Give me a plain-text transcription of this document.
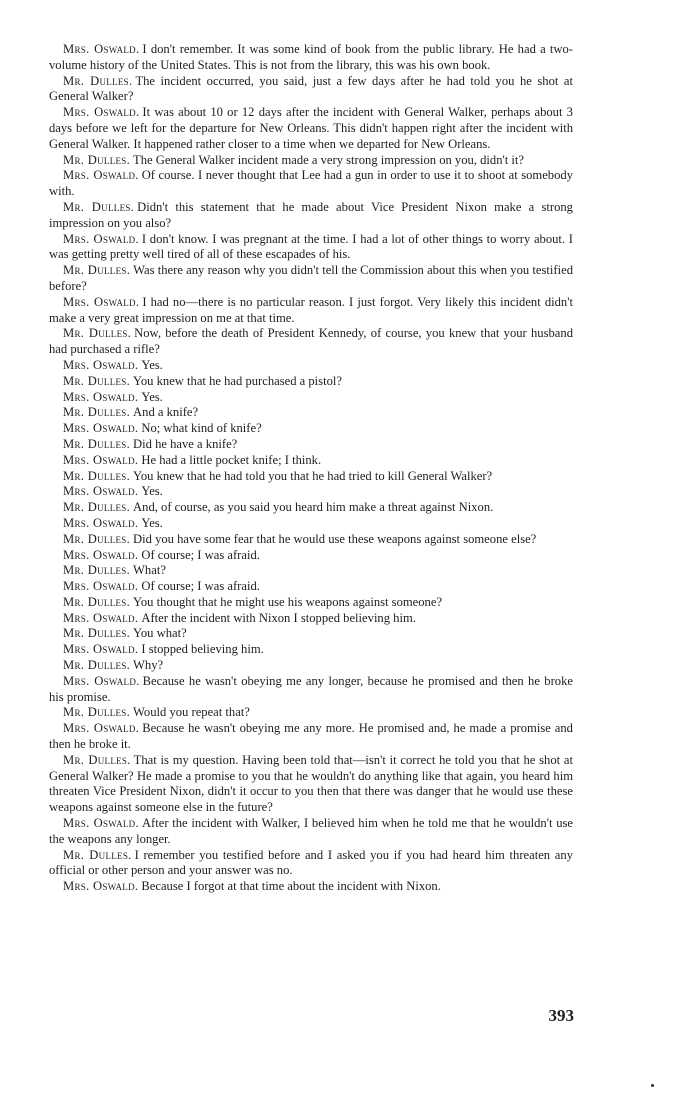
Mrs. Oswald. I don't remember. It was some kind of book from the public library. He had a two-volume history of the United States. This is not from the library, this was his own book.

Mr. Dulles. The incident occurred, you said, just a few days after he had told you he shot at General Walker?

Mrs. Oswald. It was about 10 or 12 days after the incident with General Walker, perhaps about 3 days before we left for the departure for New Orleans. This didn't happen right after the incident with General Walker. It happened rather closer to a time when we departed for New Orleans.

Mr. Dulles. The General Walker incident made a very strong impression on you, didn't it?

Mrs. Oswald. Of course. I never thought that Lee had a gun in order to use it to shoot at somebody with.

Mr. Dulles. Didn't this statement that he made about Vice President Nixon make a strong impression on you also?

Mrs. Oswald. I don't know. I was pregnant at the time. I had a lot of other things to worry about. I was getting pretty well tired of all of these escapades of his.

Mr. Dulles. Was there any reason why you didn't tell the Commission about this when you testified before?

Mrs. Oswald. I had no—there is no particular reason. I just forgot. Very likely this incident didn't make a very great impression on me at that time.

Mr. Dulles. Now, before the death of President Kennedy, of course, you knew that your husband had purchased a rifle?

Mrs. Oswald. Yes.

Mr. Dulles. You knew that he had purchased a pistol?

Mrs. Oswald. Yes.

Mr. Dulles. And a knife?

Mrs. Oswald. No; what kind of knife?

Mr. Dulles. Did he have a knife?

Mrs. Oswald. He had a little pocket knife; I think.

Mr. Dulles. You knew that he had told you that he had tried to kill General Walker?

Mrs. Oswald. Yes.

Mr. Dulles. And, of course, as you said you heard him make a threat against Nixon.

Mrs. Oswald. Yes.

Mr. Dulles. Did you have some fear that he would use these weapons against someone else?

Mrs. Oswald. Of course; I was afraid.

Mr. Dulles. What?

Mrs. Oswald. Of course; I was afraid.

Mr. Dulles. You thought that he might use his weapons against someone?

Mrs. Oswald. After the incident with Nixon I stopped believing him.

Mr. Dulles. You what?

Mrs. Oswald. I stopped believing him.

Mr. Dulles. Why?

Mrs. Oswald. Because he wasn't obeying me any longer, because he promised and then he broke his promise.

Mr. Dulles. Would you repeat that?

Mrs. Oswald. Because he wasn't obeying me any more. He promised and, he made a promise and then he broke it.

Mr. Dulles. That is my question. Having been told that—isn't it correct he told you that he shot at General Walker? He made a promise to you that he wouldn't do anything like that again, you heard him threaten Vice President Nixon, didn't it occur to you then that there was danger that he would use these weapons against someone else in the future?

Mrs. Oswald. After the incident with Walker, I believed him when he told me that he wouldn't use the weapons any longer.

Mr. Dulles. I remember you testified before and I asked you if you had heard him threaten any official or other person and your answer was no.

Mrs. Oswald. Because I forgot at that time about the incident with Nixon.

393
